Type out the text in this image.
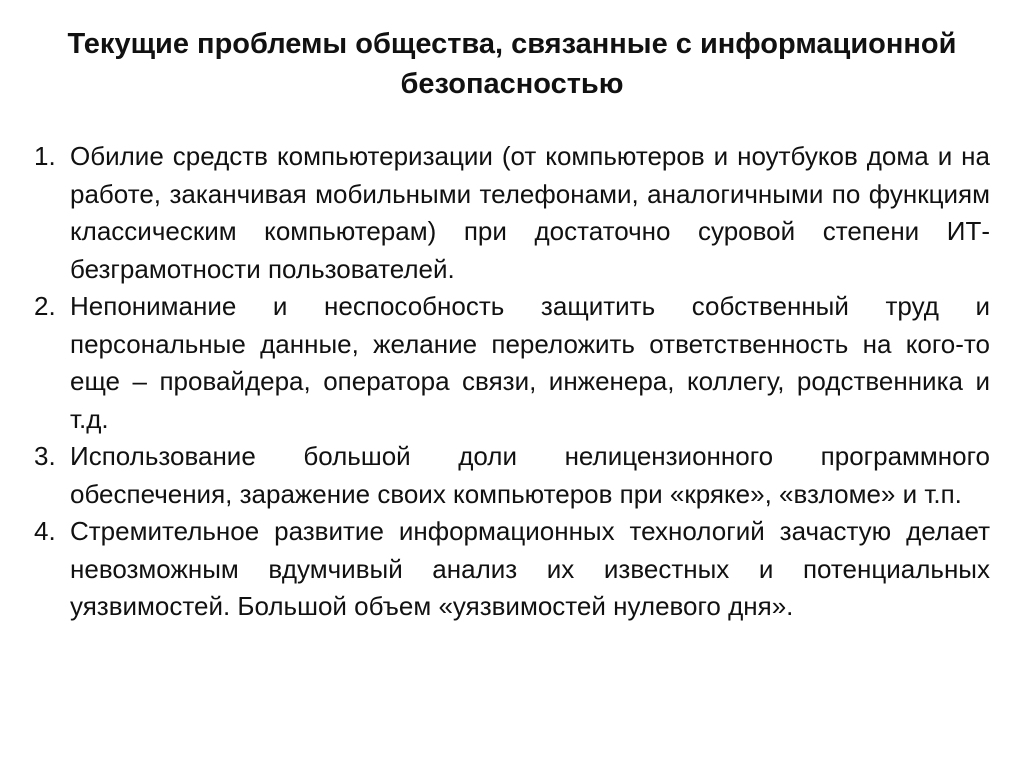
Текущие проблемы общества, связанные с информационной безопасностью
1. Обилие средств компьютеризации (от компьютеров и ноутбуков дома и на работе, заканчивая мобильными телефонами, аналогичными по функциям классическим компьютерам) при достаточно суровой степени ИТ-безграмотности пользователей.
2. Непонимание и неспособность защитить собственный труд и персональные данные, желание переложить ответственность на кого-то еще – провайдера, оператора связи, инженера, коллегу, родственника и т.д.
3. Использование большой доли нелицензионного программного обеспечения, заражение своих компьютеров при «кряке», «взломе» и т.п.
4. Стремительное развитие информационных технологий зачастую делает невозможным вдумчивый анализ их известных и потенциальных уязвимостей. Большой объем «уязвимостей нулевого дня».
